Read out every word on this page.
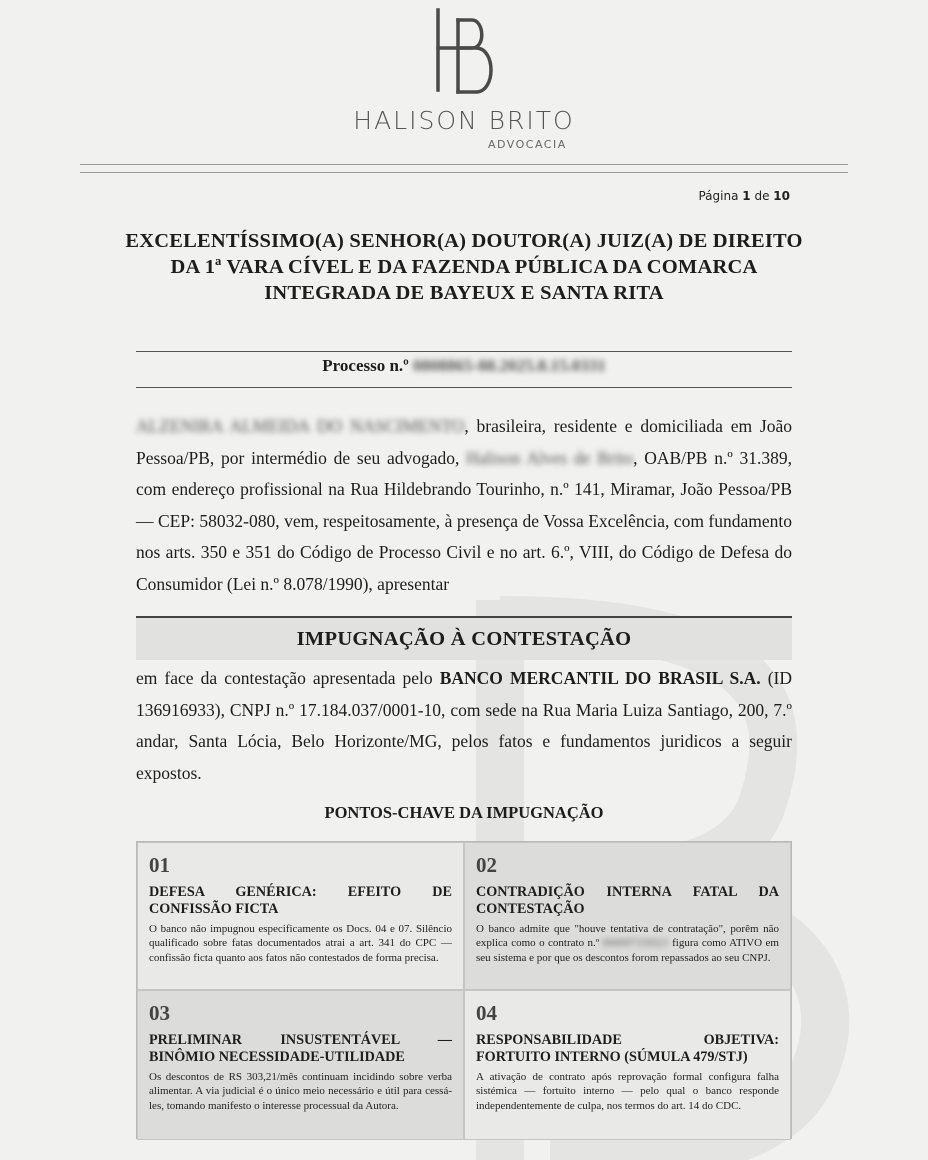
HALISON BRITO
ADVOCACIA
Página 1 de 10
EXCELENTÍSSIMO(A) SENHOR(A) DOUTOR(A) JUIZ(A) DE DIREITO DA 1ª VARA CÍVEL E DA FAZENDA PÚBLICA DA COMARCA INTEGRADA DE BAYEUX E SANTA RITA
Processo n.º 0808865-88.2025.8.15.0331

ALZENIRA ALMEIDA DO NASCIMENTO, brasileira, residente e domiciliada em João Pessoa/PB, por intermédio de seu advogado, Halison Alves de Brito, OAB/PB n.º 31.389, com endereço profissional na Rua Hildebrando Tourinho, n.º 141, Miramar, João Pessoa/PB — CEP: 58032-080, vem, respeitosamente, à presença de Vossa Excelência, com fundamento nos arts. 350 e 351 do Código de Processo Civil e no art. 6.º, VIII, do Código de Defesa do Consumidor (Lei n.º 8.078/1990), apresentar

IMPUGNAÇÃO À CONTESTAÇÃO

em face da contestação apresentada pelo BANCO MERCANTIL DO BRASIL S.A. (ID 136916933), CNPJ n.º 17.184.037/0001-10, com sede na Rua Maria Luiza Santiago, 200, 7.º andar, Santa Lócia, Belo Horizonte/MG, pelos fatos e fundamentos juridicos a seguir expostos.

PONTOS-CHAVE DA IMPUGNAÇÃO
01
DEFESA GENÉRICA: EFEITO DE CONFISSÃO FICTA
O banco não impugnou especificamente os Docs. 04 e 07. Silêncio qualificado sobre fatas documentados atrai a art. 341 do CPC — confissão ficta quanto aos fatos não contestados de forma precisa.
02
CONTRADIÇÃO INTERNA FATAL DA CONTESTAÇÃO
O banco admite que "houve tentativa de contratação", porêm não explica como o contrato n.º 000097159321 figura como ATIVO em seu sistema e por que os descontos forom repassados ao seu CNPJ.
03
PRELIMINAR INSUSTENTÁVEL — BINÔMIO NECESSIDADE-UTILIDADE
Os descontos de RS 303,21/mês continuam incidindo sobre verba alimentar. A via judicial é o único meio necessário e útil para cessá-les, tomando manifesto o interesse processual da Autora.
04
RESPONSABILIDADE OBJETIVA: FORTUITO INTERNO (SÚMULA 479/STJ)
A ativação de contrato após reprovação formal configura falha sistémica — fortuito interno — pelo qual o banco responde independentemente de culpa, nos termos do art. 14 do CDC.
